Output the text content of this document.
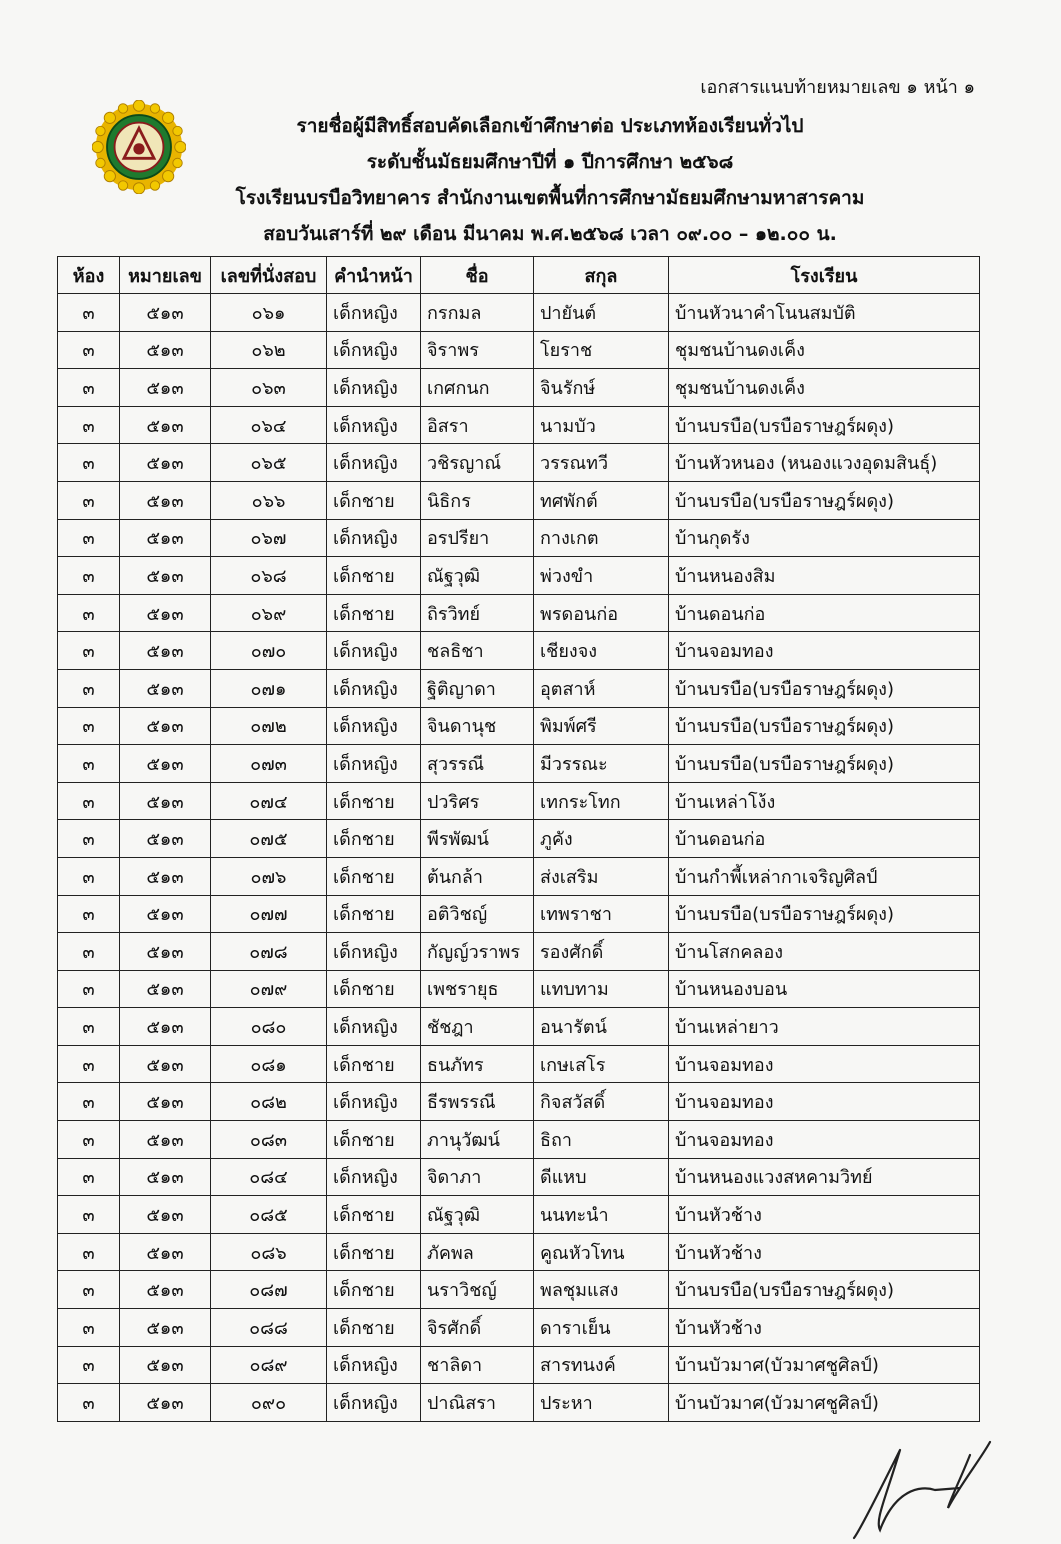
เอกสารแนบท้ายหมายเลข ๑ หน้า ๑
รายชื่อผู้มีสิทธิ์สอบคัดเลือกเข้าศึกษาต่อ ประเภทห้องเรียนทั่วไป
ระดับชั้นมัธยมศึกษาปีที่ ๑ ปีการศึกษา ๒๕๖๘
โรงเรียนบรบือวิทยาคาร สำนักงานเขตพื้นที่การศึกษามัธยมศึกษามหาสารคาม
สอบวันเสาร์ที่ ๒๙ เดือน มีนาคม พ.ศ.๒๕๖๘ เวลา ๐๙.๐๐ – ๑๒.๐๐ น.
ห้อง	หมายเลข	เลขที่นั่งสอบ	คำนำหน้า	ชื่อ	สกุล	โรงเรียน
๓	๕๑๓	๐๖๑	เด็กหญิง	กรกมล	ปายันต์	บ้านหัวนาคำโนนสมบัติ
๓	๕๑๓	๐๖๒	เด็กหญิง	จิราพร	โยราช	ชุมชนบ้านดงเค็ง
๓	๕๑๓	๐๖๓	เด็กหญิง	เกศกนก	จินรักษ์	ชุมชนบ้านดงเค็ง
๓	๕๑๓	๐๖๔	เด็กหญิง	อิสรา	นามบัว	บ้านบรบือ(บรบือราษฎร์ผดุง)
๓	๕๑๓	๐๖๕	เด็กหญิง	วชิรญาณ์	วรรณทวี	บ้านหัวหนอง (หนองแวงอุดมสินธุ์)
๓	๕๑๓	๐๖๖	เด็กชาย	นิธิกร	ทศพักต์	บ้านบรบือ(บรบือราษฎร์ผดุง)
๓	๕๑๓	๐๖๗	เด็กหญิง	อรปรียา	กางเกต	บ้านกุดรัง
๓	๕๑๓	๐๖๘	เด็กชาย	ณัฐวุฒิ	พ่วงขำ	บ้านหนองสิม
๓	๕๑๓	๐๖๙	เด็กชาย	ถิรวิทย์	พรดอนก่อ	บ้านดอนก่อ
๓	๕๑๓	๐๗๐	เด็กหญิง	ชลธิชา	เชียงจง	บ้านจอมทอง
๓	๕๑๓	๐๗๑	เด็กหญิง	ฐิติญาดา	อุตสาห์	บ้านบรบือ(บรบือราษฎร์ผดุง)
๓	๕๑๓	๐๗๒	เด็กหญิง	จินดานุช	พิมพ์ศรี	บ้านบรบือ(บรบือราษฎร์ผดุง)
๓	๕๑๓	๐๗๓	เด็กหญิง	สุวรรณี	มีวรรณะ	บ้านบรบือ(บรบือราษฎร์ผดุง)
๓	๕๑๓	๐๗๔	เด็กชาย	ปวริศร	เทกระโทก	บ้านเหล่าโง้ง
๓	๕๑๓	๐๗๕	เด็กชาย	พีรพัฒน์	ภูคัง	บ้านดอนก่อ
๓	๕๑๓	๐๗๖	เด็กชาย	ต้นกล้า	ส่งเสริม	บ้านกำพี้เหล่ากาเจริญศิลป์
๓	๕๑๓	๐๗๗	เด็กชาย	อติวิชญ์	เทพราชา	บ้านบรบือ(บรบือราษฎร์ผดุง)
๓	๕๑๓	๐๗๘	เด็กหญิง	กัญญ์วราพร	รองศักดิ์	บ้านโสกคลอง
๓	๕๑๓	๐๗๙	เด็กชาย	เพชรายุธ	แทบทาม	บ้านหนองบอน
๓	๕๑๓	๐๘๐	เด็กหญิง	ชัชฎา	อนารัตน์	บ้านเหล่ายาว
๓	๕๑๓	๐๘๑	เด็กชาย	ธนภัทร	เกษเสโร	บ้านจอมทอง
๓	๕๑๓	๐๘๒	เด็กหญิง	ธีรพรรณี	กิจสวัสดิ์	บ้านจอมทอง
๓	๕๑๓	๐๘๓	เด็กชาย	ภานุวัฒน์	ธิถา	บ้านจอมทอง
๓	๕๑๓	๐๘๔	เด็กหญิง	จิดาภา	ดีแหบ	บ้านหนองแวงสหคามวิทย์
๓	๕๑๓	๐๘๕	เด็กชาย	ณัฐวุฒิ	นนทะนำ	บ้านหัวช้าง
๓	๕๑๓	๐๘๖	เด็กชาย	ภัคพล	คูณหัวโทน	บ้านหัวช้าง
๓	๕๑๓	๐๘๗	เด็กชาย	นราวิชญ์	พลชุมแสง	บ้านบรบือ(บรบือราษฎร์ผดุง)
๓	๕๑๓	๐๘๘	เด็กชาย	จิรศักดิ์	ดาราเย็น	บ้านหัวช้าง
๓	๕๑๓	๐๘๙	เด็กหญิง	ชาลิดา	สารทนงค์	บ้านบัวมาศ(บัวมาศชูศิลป์)
๓	๕๑๓	๐๙๐	เด็กหญิง	ปาณิสรา	ประหา	บ้านบัวมาศ(บัวมาศชูศิลป์)
